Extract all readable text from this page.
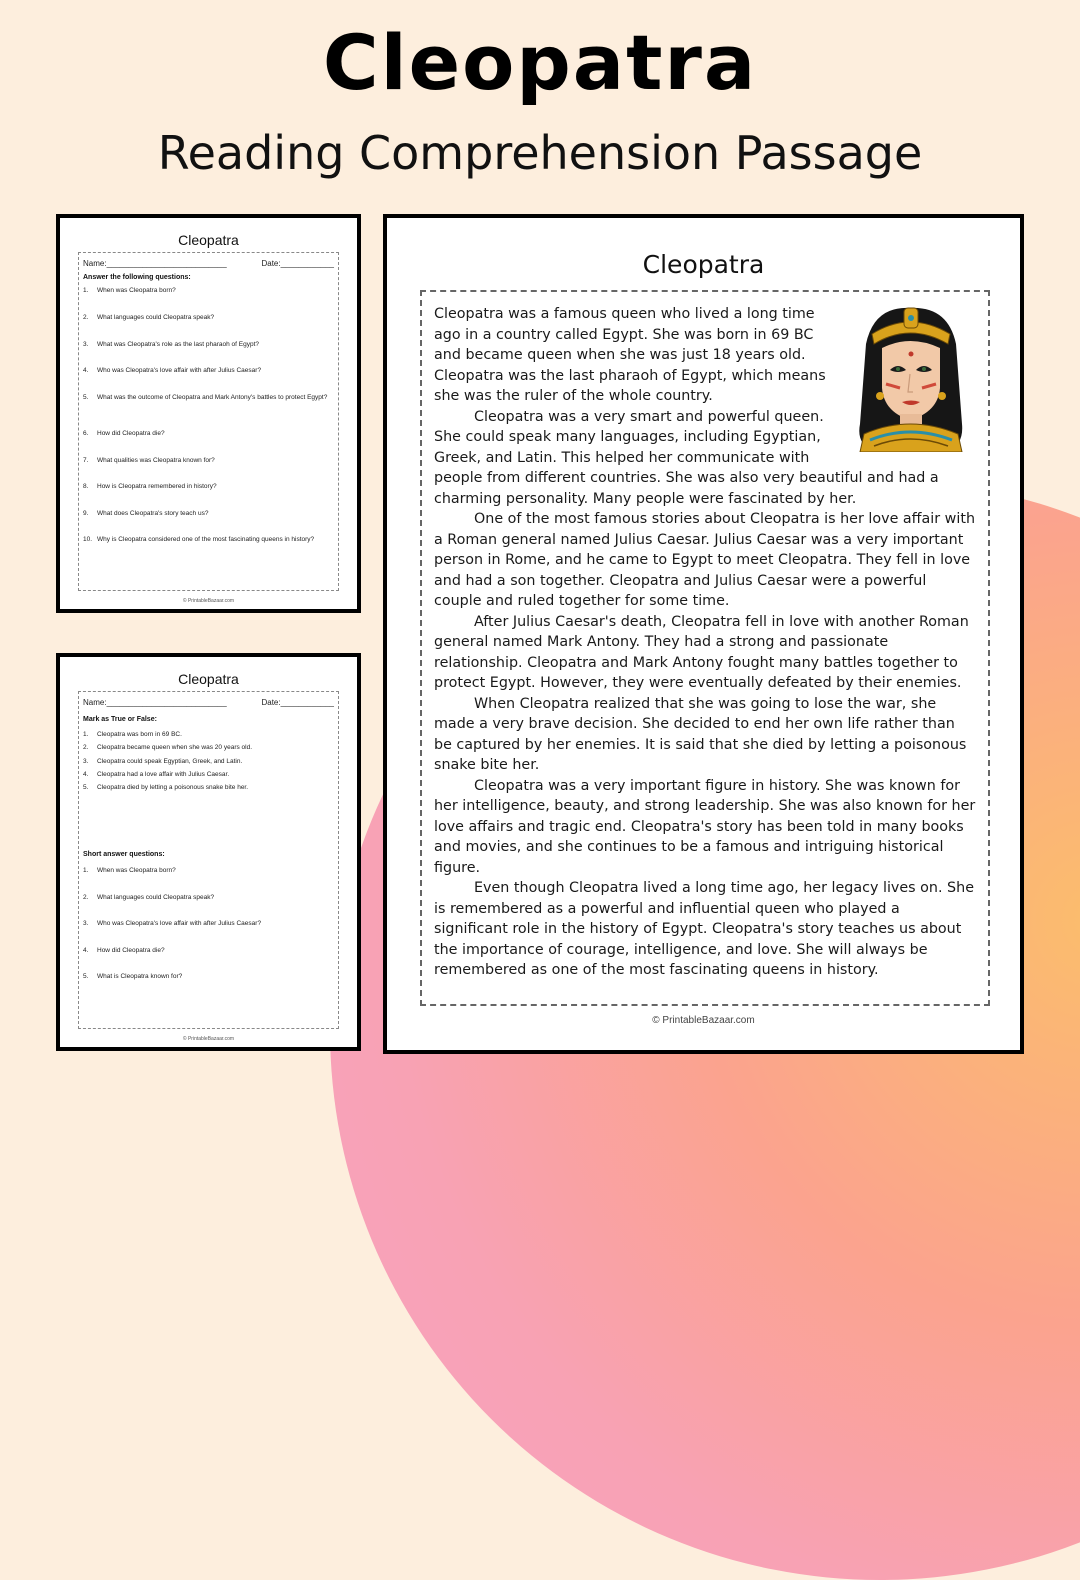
Cleopatra
Reading Comprehension Passage
Cleopatra
Name:___________________________	Date:____________
Answer the following questions:
1.	When was Cleopatra born?
2.	What languages could Cleopatra speak?
3.	What was Cleopatra's role as the last pharaoh of Egypt?
4.	Who was Cleopatra's love affair with after Julius Caesar?
5.	What was the outcome of Cleopatra and Mark Antony's battles to protect Egypt?
6.	How did Cleopatra die?
7.	What qualities was Cleopatra known for?
8.	How is Cleopatra remembered in history?
9.	What does Cleopatra's story teach us?
10. Why is Cleopatra considered one of the most fascinating queens in history?
© PrintableBazaar.com
Cleopatra
Name:___________________________	Date:____________
Mark as True or False:
1.	Cleopatra was born in 69 BC.
2.	Cleopatra became queen when she was 20 years old.
3.	Cleopatra could speak Egyptian, Greek, and Latin.
4.	Cleopatra had a love affair with Julius Caesar.
5.	Cleopatra died by letting a poisonous snake bite her.
Short answer questions:
1.	When was Cleopatra born?
2.	What languages could Cleopatra speak?
3.	Who was Cleopatra's love affair with after Julius Caesar?
4.	How did Cleopatra die?
5.	What is Cleopatra known for?
© PrintableBazaar.com
Cleopatra

Cleopatra was a famous queen who lived a long time ago in a country called Egypt. She was born in 69 BC and became queen when she was just 18 years old. Cleopatra was the last pharaoh of Egypt, which means she was the ruler of the whole country.

Cleopatra was a very smart and powerful queen. She could speak many languages, including Egyptian, Greek, and Latin. This helped her communicate with people from different countries. She was also very beautiful and had a charming personality. Many people were fascinated by her.

One of the most famous stories about Cleopatra is her love affair with a Roman general named Julius Caesar. Julius Caesar was a very important person in Rome, and he came to Egypt to meet Cleopatra. They fell in love and had a son together. Cleopatra and Julius Caesar were a powerful couple and ruled together for some time.

After Julius Caesar's death, Cleopatra fell in love with another Roman general named Mark Antony. They had a strong and passionate relationship. Cleopatra and Mark Antony fought many battles together to protect Egypt. However, they were eventually defeated by their enemies.

When Cleopatra realized that she was going to lose the war, she made a very brave decision. She decided to end her own life rather than be captured by her enemies. It is said that she died by letting a poisonous snake bite her.

Cleopatra was a very important figure in history. She was known for her intelligence, beauty, and strong leadership. She was also known for her love affairs and tragic end. Cleopatra's story has been told in many books and movies, and she continues to be a famous and intriguing historical figure.

Even though Cleopatra lived a long time ago, her legacy lives on. She is remembered as a powerful and influential queen who played a significant role in the history of Egypt. Cleopatra's story teaches us about the importance of courage, intelligence, and love. She will always be remembered as one of the most fascinating queens in history.

© PrintableBazaar.com
